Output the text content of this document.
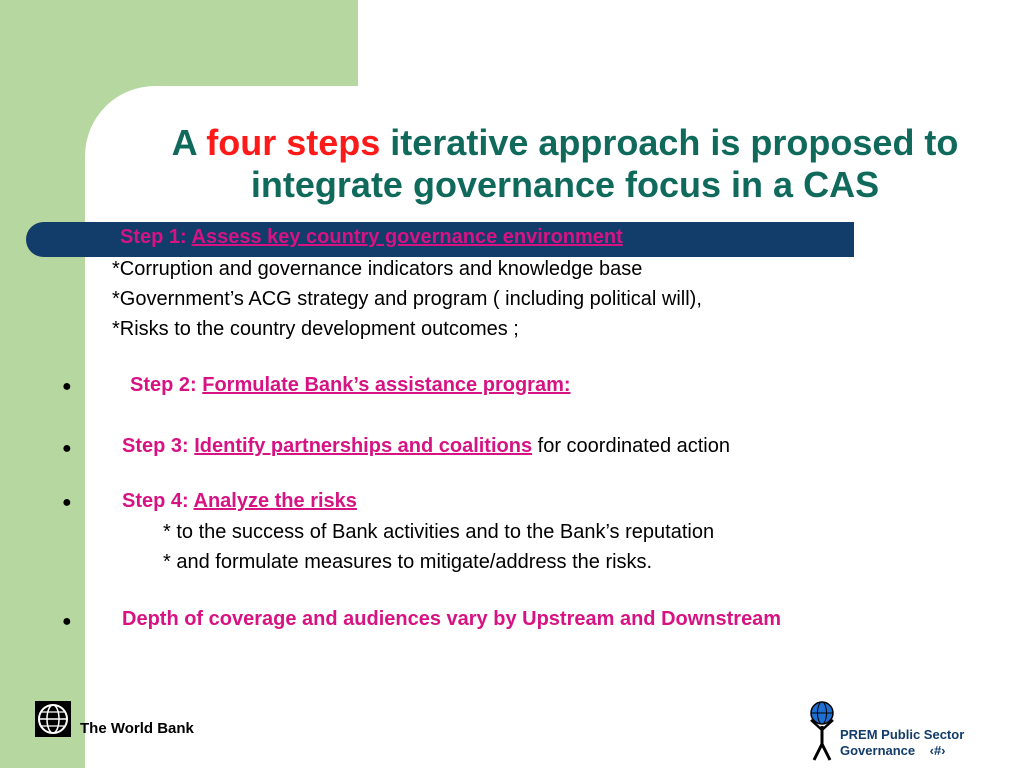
A four steps iterative approach is proposed to integrate governance focus in a CAS
Step 1: Assess key country governance environment
*Corruption and governance indicators and knowledge base
*Government’s ACG strategy and program ( including political will),
*Risks to the country development outcomes ;
●	Step 2: Formulate Bank’s assistance program:
●	Step 3: Identify partnerships and coalitions for coordinated action
●	Step 4: Analyze the risks
* to the success of Bank activities and to the Bank’s reputation
* and formulate measures to mitigate/address the risks.
●	Depth of coverage and audiences vary by Upstream and Downstream
The World Bank	PREM Public Sector
Governance ‹#›
